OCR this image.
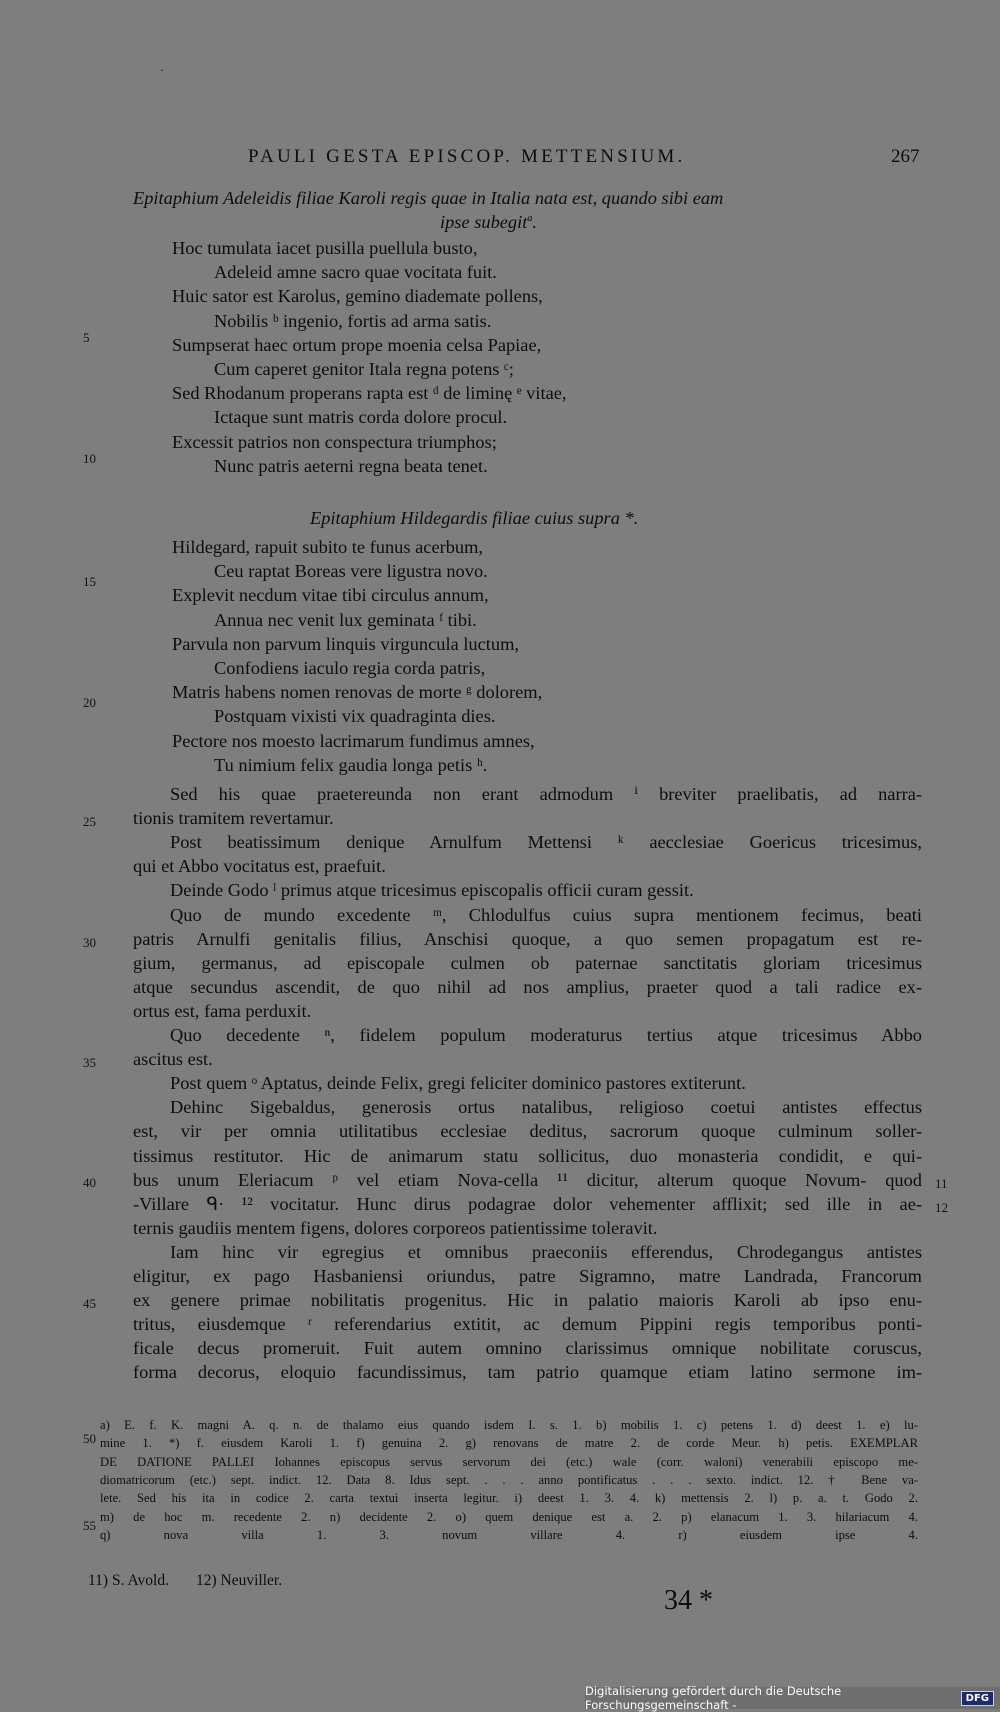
·
PAULI GESTA EPISCOP. METTENSIUM.	267
Epitaphium Adeleidis filiae Karoli regis quae in Italia nata est, quando sibi eam
ipse subegit$^a$.
Hoc tumulata iacet pusilla puellula busto,
Adeleid amne sacro quae vocitata fuit.
Huic sator est Karolus, gemino diademate pollens,
Nobilis ᵇ ingenio, fortis ad arma satis.
Sumpserat haec ortum prope moenia celsa Papiae,
Cum caperet genitor Itala regna potens ᶜ;
Sed Rhodanum properans rapta est ᵈ de liminę ᵉ vitae,
Ictaque sunt matris corda dolore procul.
Excessit patrios non conspectura triumphos;
Nunc patris aeterni regna beata tenet.
Epitaphium Hildegardis filiae cuius supra *.
Hildegard, rapuit subito te funus acerbum,
Ceu raptat Boreas vere ligustra novo.
Explevit necdum vitae tibi circulus annum,
Annua nec venit lux geminata ᶠ tibi.
Parvula non parvum linquis virguncula luctum,
Confodiens iaculo regia corda patris,
Matris habens nomen renovas de morte ᵍ dolorem,
Postquam vixisti vix quadraginta dies.
Pectore nos moesto lacrimarum fundimus amnes,
Tu nimium felix gaudia longa petis ʰ.
Sed his quae praetereunda non erant admodum ⁱ breviter praelibatis, ad narra-
tionis tramitem revertamur.
Post beatissimum denique Arnulfum Mettensi ᵏ aecclesiae Goericus tricesimus,
qui et Abbo vocitatus est, praefuit.
Deinde Godo ˡ primus atque tricesimus episcopalis officii curam gessit.
Quo de mundo excedente ᵐ, Chlodulfus cuius supra mentionem fecimus, beati
patris Arnulfi genitalis filius, Anschisi quoque, a quo semen propagatum est re-
gium, germanus, ad episcopale culmen ob paternae sanctitatis gloriam tricesimus
atque secundus ascendit, de quo nihil ad nos amplius, praeter quod a tali radice ex-
ortus est, fama perduxit.
Quo decedente ⁿ, fidelem populum moderaturus tertius atque tricesimus Abbo
ascitus est.
Post quem ᵒ Aptatus, deinde Felix, gregi feliciter dominico pastores extiterunt.
Dehinc Sigebaldus, generosis ortus natalibus, religioso coetui antistes effectus
est, vir per omnia utilitatibus ecclesiae deditus, sacrorum quoque culminum soller-
tissimus restitutor. Hic de animarum statu sollicitus, duo monasteria condidit, e qui-
bus unum Eleriacum ᵖ vel etiam Nova-cella ¹¹ dicitur, alterum quoque Novum- quod
-Villare ᑫ· ¹² vocitatur. Hunc dirus podagrae dolor vehementer afflixit; sed ille in ae-
ternis gaudiis mentem figens, dolores corporeos patientissime toleravit.
Iam hinc vir egregius et omnibus praeconiis efferendus, Chrodegangus antistes
eligitur, ex pago Hasbaniensi oriundus, patre Sigramno, matre Landrada, Francorum
ex genere primae nobilitatis progenitus. Hic in palatio maioris Karoli ab ipso enu-
tritus, eiusdemque ʳ referendarius extitit, ac demum Pippini regis temporibus ponti-
ficale decus promeruit. Fuit autem omnino clarissimus omnique nobilitate coruscus,
forma decorus, eloquio facundissimus, tam patrio quamque etiam latino sermone im-
5
10
15
20
25
30
35
40
45
50
55
11
12
a) E. f. K. magni A. q. n. de thalamo eius quando isdem I. s. 1. b) mobilis 1. c) petens 1. d) deest 1. e) lu-
mine 1. *) f. eiusdem Karoli 1. f) genuina 2. g) renovans de matre 2. de corde Meur. h) petis. EXEMPLAR
DE DATIONE PALLEI Iohannes episcopus servus servorum dei (etc.) wale (corr. waloni) venerabili episcopo me-
diomatricorum (etc.) sept. indict. 12. Data 8. Idus sept. . . . anno pontificatus . . . sexto. indict. 12. † Bene va-
lete. Sed his ita in codice 2. carta textui inserta legitur. i) deest 1. 3. 4. k) mettensis 2. l) p. a. t. Godo 2.
m) de hoc m. recedente 2. n) decidente 2. o) quem denique est a. 2. p) elanacum 1. 3. hilariacum 4.
q) nova villa 1. 3. novum villare 4. r) eiusdem ipse 4.
11) S. Avold. 12) Neuviller.
34 *
Digitalisierung gefördert durch die Deutsche Forschungsgemeinschaft -	DFG
